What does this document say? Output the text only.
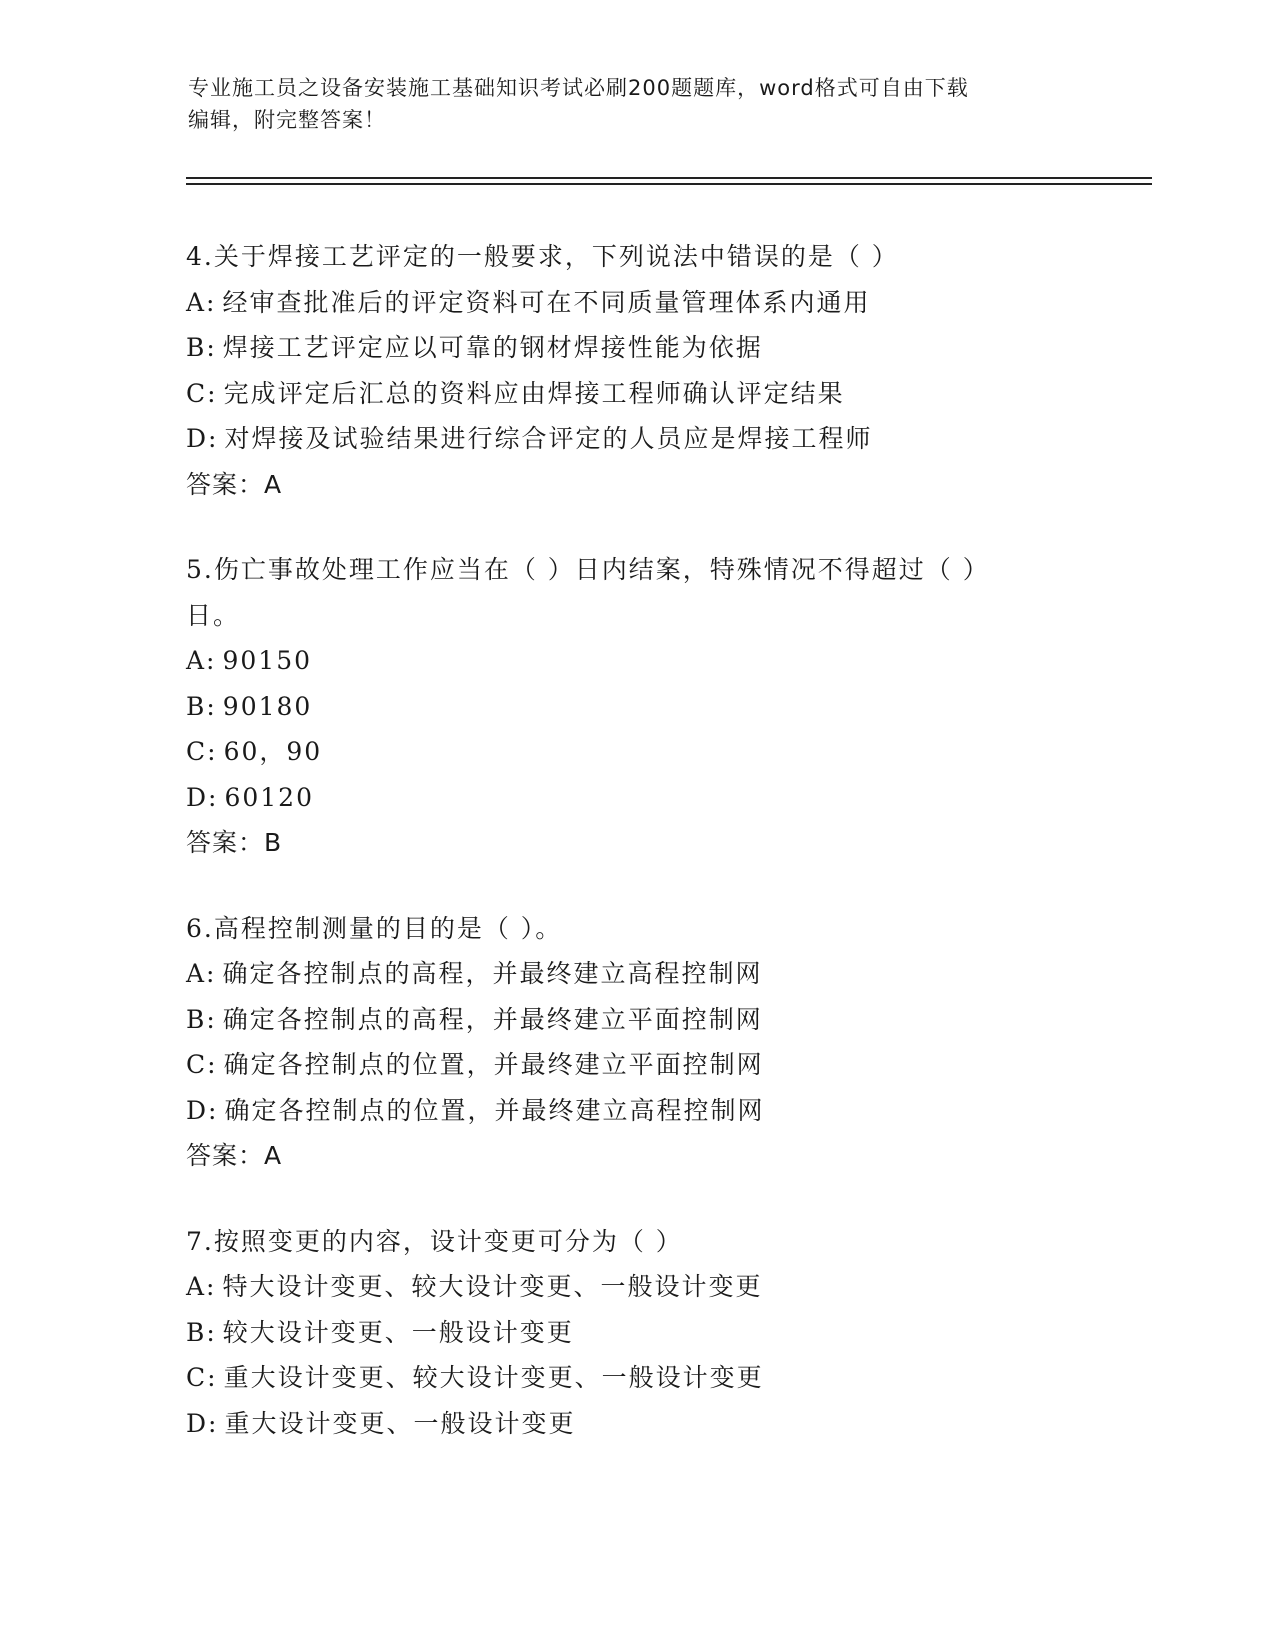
专业施工员之设备安装施工基础知识考试必刷200题题库，word格式可自由下载
编辑，附完整答案！
4.关于焊接工艺评定的一般要求，下列说法中错误的是（ ）
A: 经审查批准后的评定资料可在不同质量管理体系内通用
B: 焊接工艺评定应以可靠的钢材焊接性能为依据
C: 完成评定后汇总的资料应由焊接工程师确认评定结果
D: 对焊接及试验结果进行综合评定的人员应是焊接工程师
答案：A
5.伤亡事故处理工作应当在（ ）日内结案，特殊情况不得超过（ ）
日。
A: 90150
B: 90180
C: 60，90
D: 60120
答案：B
6.高程控制测量的目的是（ ）。
A: 确定各控制点的高程，并最终建立高程控制网
B: 确定各控制点的高程，并最终建立平面控制网
C: 确定各控制点的位置，并最终建立平面控制网
D: 确定各控制点的位置，并最终建立高程控制网
答案：A
7.按照变更的内容，设计变更可分为（ ）
A: 特大设计变更、较大设计变更、一般设计变更
B: 较大设计变更、一般设计变更
C: 重大设计变更、较大设计变更、一般设计变更
D: 重大设计变更、一般设计变更
